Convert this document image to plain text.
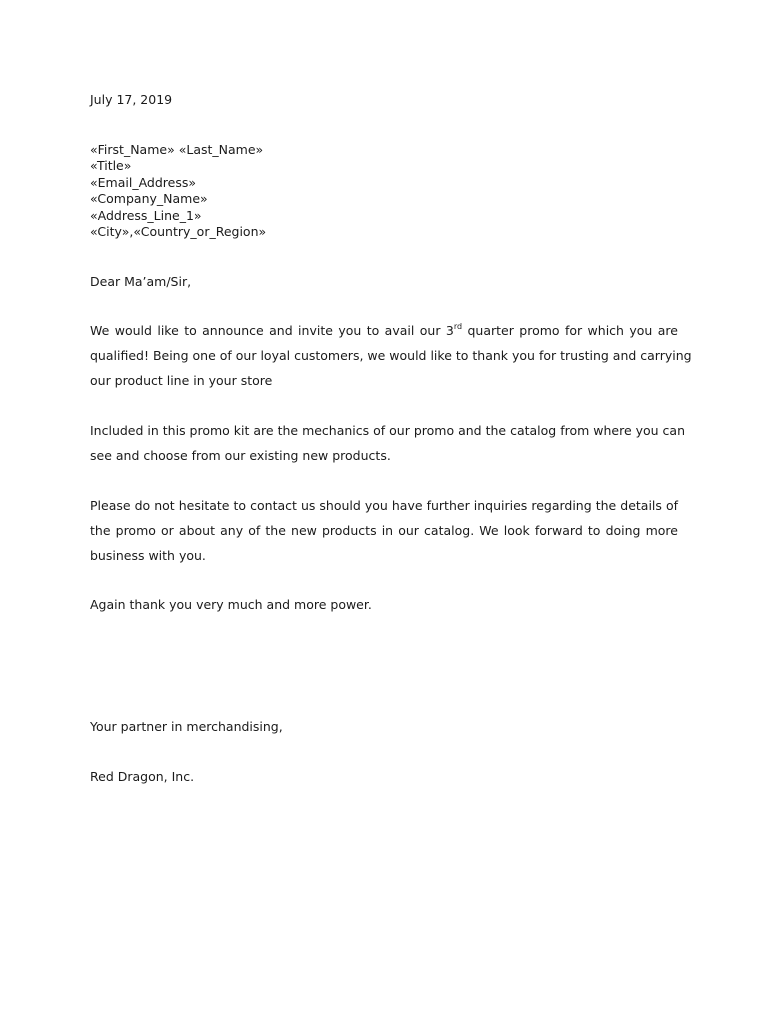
July 17, 2019
«First_Name» «Last_Name»
«Title»
«Email_Address»
«Company_Name»
«Address_Line_1»
«City»,«Country_or_Region»
Dear Ma’am/Sir,
We would like to announce and invite you to avail our 3rd quarter promo for which you are
qualified! Being one of our loyal customers, we would like to thank you for trusting and carrying
our product line in your store
Included in this promo kit are the mechanics of our promo and the catalog from where you can
see and choose from our existing new products.
Please do not hesitate to contact us should you have further inquiries regarding the details of
the promo or about any of the new products in our catalog. We look forward to doing more
business with you.
Again thank you very much and more power.
Your partner in merchandising,
Red Dragon, Inc.
